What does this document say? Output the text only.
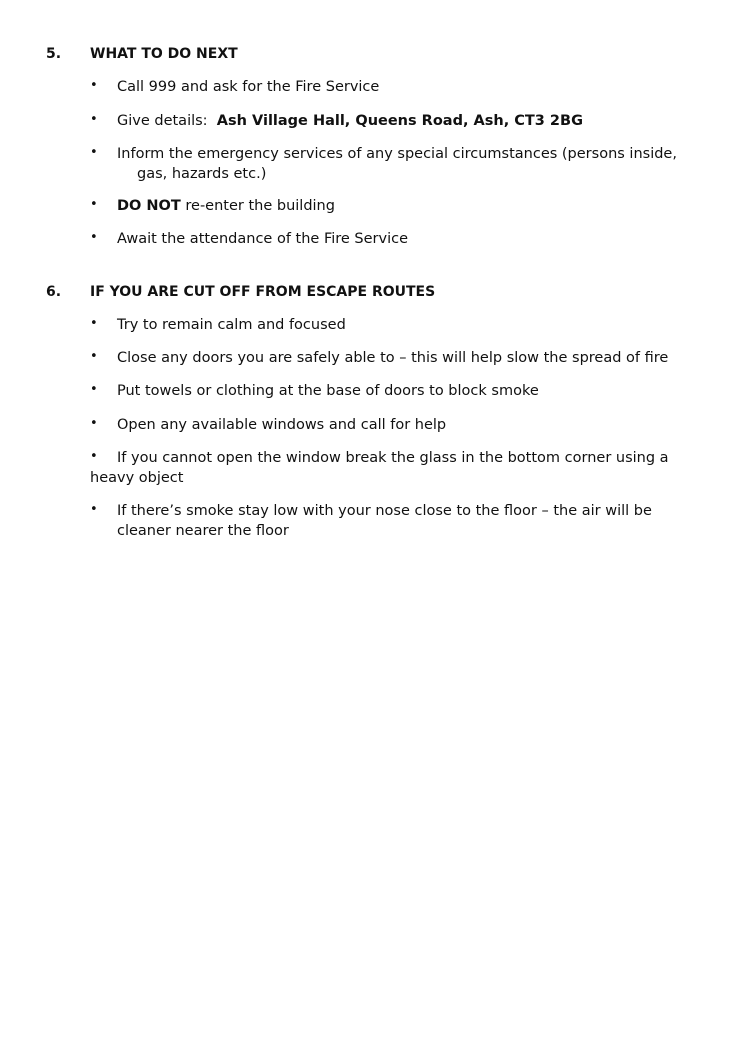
5. WHAT TO DO NEXT
•	Call 999 and ask for the Fire Service
•	Give details:  Ash Village Hall, Queens Road, Ash, CT3 2BG
•	Inform the emergency services of any special circumstances (persons inside, gas, hazards etc.)
•	DO NOT re-enter the building
•	Await the attendance of the Fire Service
6. IF YOU ARE CUT OFF FROM ESCAPE ROUTES
•	Try to remain calm and focused
•	Close any doors you are safely able to – this will help slow the spread of fire
•	Put towels or clothing at the base of doors to block smoke
•	Open any available windows and call for help
•	If you cannot open the window break the glass in the bottom corner using a heavy object
•	If there’s smoke stay low with your nose close to the floor – the air will be cleaner nearer the floor
